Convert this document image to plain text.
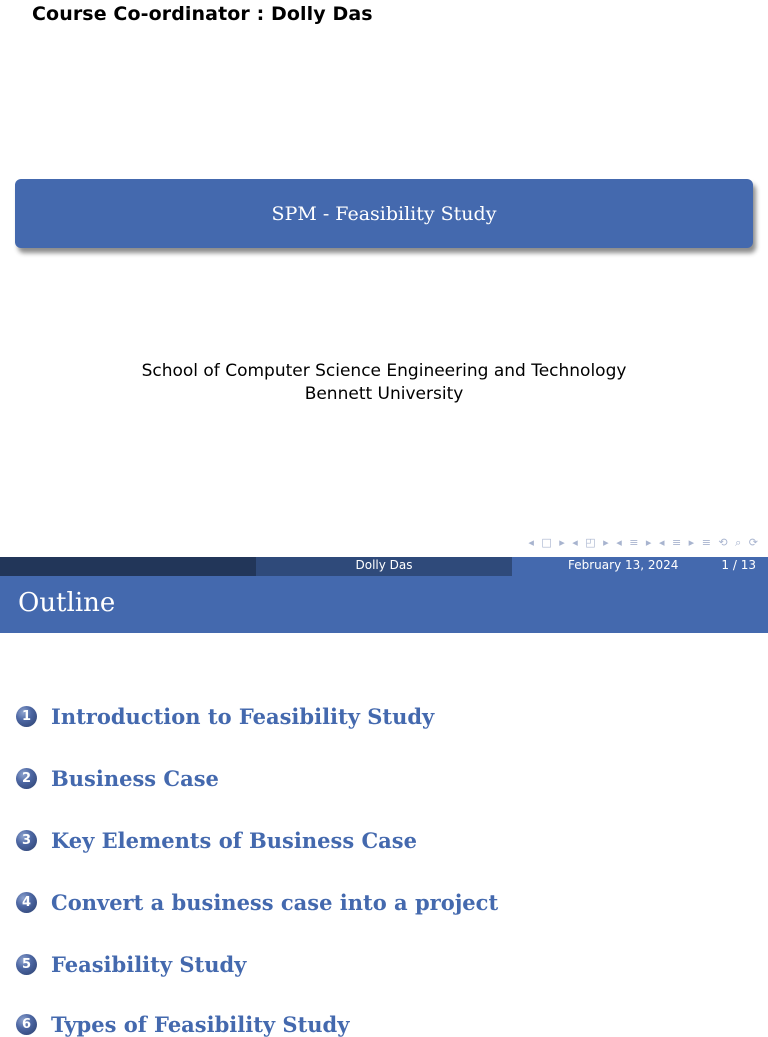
Course Co-ordinator : Dolly Das
SPM - Feasibility Study
School of Computer Science Engineering and Technology
Bennett University
◂ □ ▸ ◂ ◰ ▸ ◂ ≡ ▸ ◂ ≡ ▸ ≡ ⟲ ⌕ ⟳
Dolly Das	February 13, 2024	1 / 13
Outline
1 Introduction to Feasibility Study
2 Business Case
3 Key Elements of Business Case
4 Convert a business case into a project
5 Feasibility Study
6 Types of Feasibility Study
